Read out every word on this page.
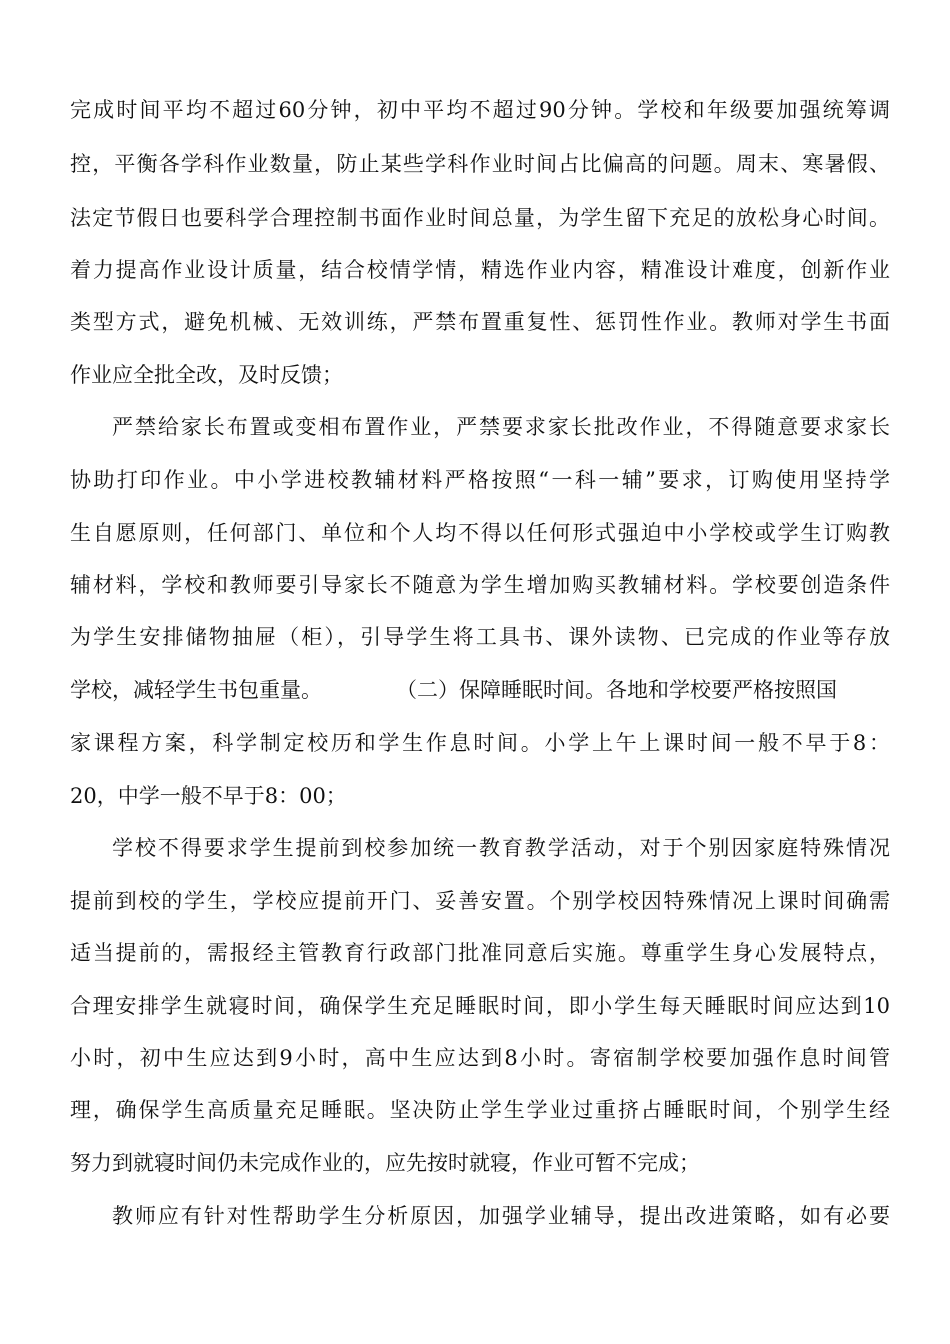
完成时间平均不超过60分钟，初中平均不超过90分钟。学校和年级要加强统筹调
控，平衡各学科作业数量，防止某些学科作业时间占比偏高的问题。周末、寒暑假、
法定节假日也要科学合理控制书面作业时间总量，为学生留下充足的放松身心时间。
着力提高作业设计质量，结合校情学情，精选作业内容，精准设计难度，创新作业
类型方式，避免机械、无效训练，严禁布置重复性、惩罚性作业。教师对学生书面
作业应全批全改，及时反馈；
严禁给家长布置或变相布置作业，严禁要求家长批改作业，不得随意要求家长
协助打印作业。中小学进校教辅材料严格按照“一科一辅”要求，订购使用坚持学
生自愿原则，任何部门、单位和个人均不得以任何形式强迫中小学校或学生订购教
辅材料，学校和教师要引导家长不随意为学生增加购买教辅材料。学校要创造条件
为学生安排储物抽屉（柜），引导学生将工具书、课外读物、已完成的作业等存放
学校，减轻学生书包重量。	（二）保障睡眠时间。各地和学校要严格按照国
家课程方案，科学制定校历和学生作息时间。小学上午上课时间一般不早于8：
20，中学一般不早于8：00；
学校不得要求学生提前到校参加统一教育教学活动，对于个别因家庭特殊情况
提前到校的学生，学校应提前开门、妥善安置。个别学校因特殊情况上课时间确需
适当提前的，需报经主管教育行政部门批准同意后实施。尊重学生身心发展特点，
合理安排学生就寝时间，确保学生充足睡眠时间，即小学生每天睡眠时间应达到10
小时，初中生应达到9小时，高中生应达到8小时。寄宿制学校要加强作息时间管
理，确保学生高质量充足睡眠。坚决防止学生学业过重挤占睡眠时间，个别学生经
努力到就寝时间仍未完成作业的，应先按时就寝，作业可暂不完成；
教师应有针对性帮助学生分析原因，加强学业辅导，提出改进策略，如有必要
